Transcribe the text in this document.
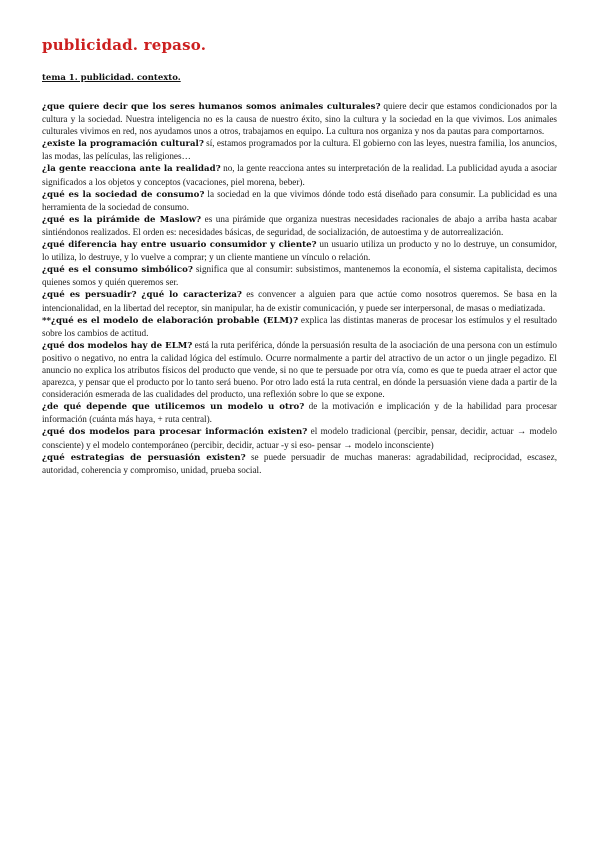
publicidad. repaso.
tema 1. publicidad. contexto.

¿que quiere decir que los seres humanos somos animales culturales? quiere decir que estamos condicionados por la cultura y la sociedad. Nuestra inteligencia no es la causa de nuestro éxito, sino la cultura y la sociedad en la que vivimos. Los animales culturales vivimos en red, nos ayudamos unos a otros, trabajamos en equipo. La cultura nos organiza y nos da pautas para comportarnos.

¿existe la programación cultural? sí, estamos programados por la cultura. El gobierno con las leyes, nuestra familia, los anuncios, las modas, las películas, las religiones…

¿la gente reacciona ante la realidad? no, la gente reacciona antes su interpretación de la realidad. La publicidad ayuda a asociar significados a los objetos y conceptos (vacaciones, piel morena, beber).

¿qué es la sociedad de consumo? la sociedad en la que vivimos dónde todo está diseñado para consumir. La publicidad es una herramienta de la sociedad de consumo.

¿qué es la pirámide de Maslow? es una pirámide que organiza nuestras necesidades racionales de abajo a arriba hasta acabar sintiéndonos realizados. El orden es: necesidades básicas, de seguridad, de socialización, de autoestima y de autorrealización.

¿qué diferencia hay entre usuario consumidor y cliente? un usuario utiliza un producto y no lo destruye, un consumidor, lo utiliza, lo destruye, y lo vuelve a comprar; y un cliente mantiene un vínculo o relación.

¿qué es el consumo simbólico? significa que al consumir: subsistimos, mantenemos la economía, el sistema capitalista, decimos quienes somos y quién queremos ser.

¿qué es persuadir? ¿qué lo caracteriza? es convencer a alguien para que actúe como nosotros queremos. Se basa en la intencionalidad, en la libertad del receptor, sin manipular, ha de existir comunicación, y puede ser interpersonal, de masas o mediatizada.

**¿qué es el modelo de elaboración probable (ELM)? explica las distintas maneras de procesar los estímulos y el resultado sobre los cambios de actitud.

¿qué dos modelos hay de ELM? está la ruta periférica, dónde la persuasión resulta de la asociación de una persona con un estímulo positivo o negativo, no entra la calidad lógica del estímulo. Ocurre normalmente a partir del atractivo de un actor o un jingle pegadizo. El anuncio no explica los atributos físicos del producto que vende, si no que te persuade por otra vía, como es que te pueda atraer el actor que aparezca, y pensar que el producto por lo tanto será bueno. Por otro lado está la ruta central, en dónde la persuasión viene dada a partir de la consideración esmerada de las cualidades del producto, una reflexión sobre lo que se expone.

¿de qué depende que utilicemos un modelo u otro? de la motivación e implicación y de la habilidad para procesar información (cuánta más haya, + ruta central).

¿qué dos modelos para procesar información existen? el modelo tradicional (percibir, pensar, decidir, actuar → modelo consciente) y el modelo contemporáneo (percibir, decidir, actuar -y si eso- pensar → modelo inconsciente)

¿qué estrategias de persuasión existen? se puede persuadir de muchas maneras: agradabilidad, reciprocidad, escasez, autoridad, coherencia y compromiso, unidad, prueba social.
